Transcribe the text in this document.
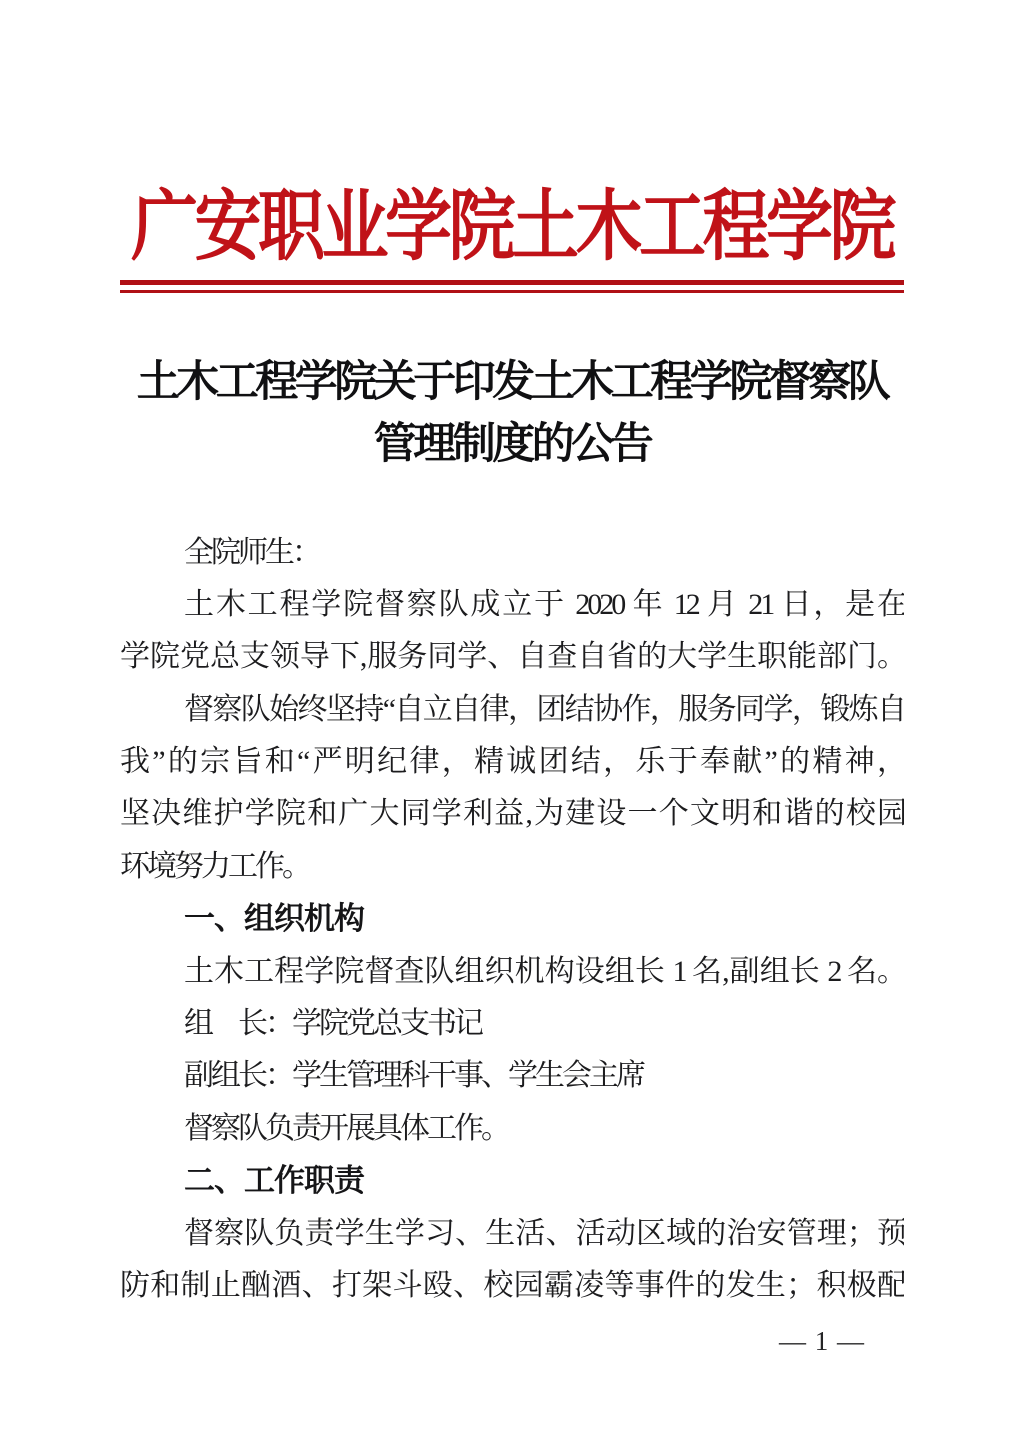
广安职业学院土木工程学院
土木工程学院关于印发土木工程学院督察队
管理制度的公告
全院师生：
土木工程学院督察队成立于 2020 年 12 月 21 日，是在
学院党总支领导下,服务同学、自查自省的大学生职能部门。
督察队始终坚持“自立自律，团结协作，服务同学，锻炼自
我”的宗旨和“严明纪律，精诚团结，乐于奉献”的精神，
坚决维护学院和广大同学利益,为建设一个文明和谐的校园
环境努力工作。
一、组织机构
土木工程学院督查队组织机构设组长 1 名,副组长 2 名。
组　长：学院党总支书记
副组长：学生管理科干事、学生会主席
督察队负责开展具体工作。
二、工作职责
督察队负责学生学习、生活、活动区域的治安管理；预
防和制止酗酒、打架斗殴、校园霸凌等事件的发生；积极配
— 1 —
